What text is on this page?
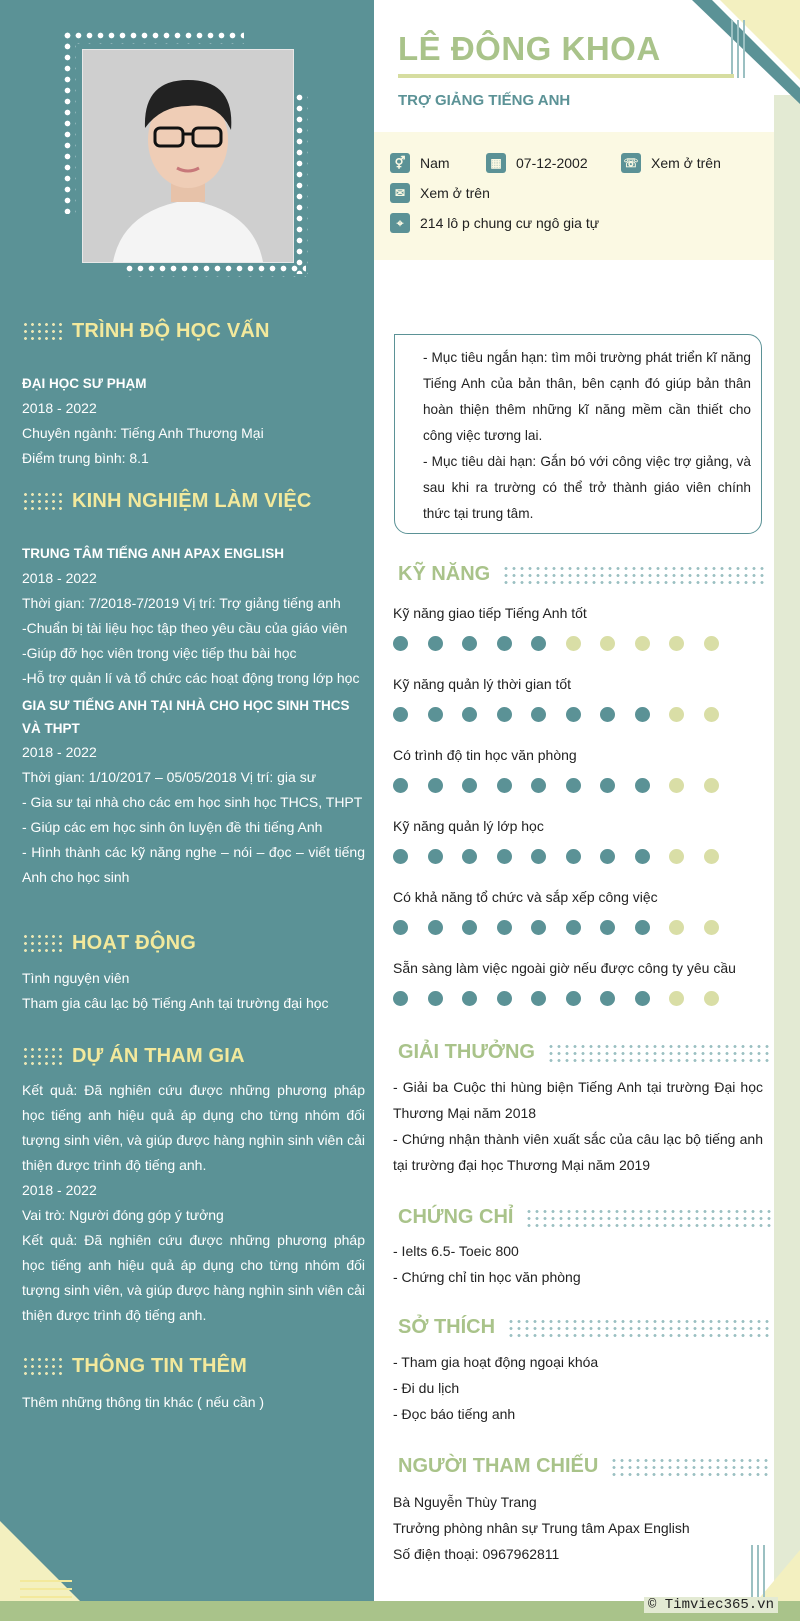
TRÌNH ĐỘ HỌC VẤN
ĐẠI HỌC SƯ PHẠM
2018 - 2022
Chuyên ngành: Tiếng Anh Thương Mại
Điểm trung bình: 8.1
KINH NGHIỆM LÀM VIỆC
TRUNG TÂM TIẾNG ANH APAX ENGLISH
2018 - 2022
Thời gian: 7/2018-7/2019 Vị trí: Trợ giảng tiếng anh
-Chuẩn bị tài liệu học tập theo yêu cầu của giáo viên
-Giúp đỡ học viên trong việc tiếp thu bài học
-Hỗ trợ quản lí và tổ chức các hoạt động trong lớp học
GIA SƯ TIẾNG ANH TẠI NHÀ CHO HỌC SINH THCS VÀ THPT
2018 - 2022
Thời gian: 1/10/2017 – 05/05/2018 Vị trí: gia sư
- Gia sư tại nhà cho các em học sinh học THCS, THPT
- Giúp các em học sinh ôn luyện đề thi tiếng Anh
- Hình thành các kỹ năng nghe – nói – đọc – viết tiếng Anh cho học sinh
HOẠT ĐỘNG
Tình nguyện viên
Tham gia câu lạc bộ Tiếng Anh tại trường đại học
DỰ ÁN THAM GIA
Kết quả: Đã nghiên cứu được những phương pháp học tiếng anh hiệu quả áp dụng cho từng nhóm đối tượng sinh viên, và giúp được hàng nghìn sinh viên cải thiện được trình độ tiếng anh.
2018 - 2022
Vai trò: Người đóng góp ý tưởng
Kết quả: Đã nghiên cứu được những phương pháp học tiếng anh hiệu quả áp dụng cho từng nhóm đối tượng sinh viên, và giúp được hàng nghìn sinh viên cải thiện được trình độ tiếng anh.
THÔNG TIN THÊM
Thêm những thông tin khác ( nếu cần )
LÊ ĐÔNG KHOA
TRỢ GIẢNG TIẾNG ANH
⚥	Nam	▦	07-12-2002	☏ Xem ở trên
✉	Xem ở trên
⌖	214 lô p chung cư ngô gia tự
- Mục tiêu ngắn hạn: tìm môi trường phát triển kĩ năng Tiếng Anh của bản thân, bên cạnh đó giúp bản thân hoàn thiện thêm những kĩ năng mềm cần thiết cho công việc tương lai.
- Mục tiêu dài hạn: Gắn bó với công việc trợ giảng, và sau khi ra trường có thể trở thành giáo viên chính thức tại trung tâm.
KỸ NĂNG
Kỹ năng giao tiếp Tiếng Anh tốt
Kỹ năng quản lý thời gian tốt
Có trình độ tin học văn phòng
Kỹ năng quản lý lớp học
Có khả năng tổ chức và sắp xếp công việc
Sẵn sàng làm việc ngoài giờ nếu được công ty yêu cầu
GIẢI THƯỞNG
- Giải ba Cuộc thi hùng biện Tiếng Anh tại trường Đại học Thương Mại năm 2018
- Chứng nhận thành viên xuất sắc của câu lạc bộ tiếng anh tại trường đại học Thương Mại năm 2019
CHỨNG CHỈ
- Ielts 6.5- Toeic 800
- Chứng chỉ tin học văn phòng
SỞ THÍCH
- Tham gia hoạt động ngoại khóa
- Đi du lịch
- Đọc báo tiếng anh
NGƯỜI THAM CHIẾU
Bà Nguyễn Thùy Trang
Trưởng phòng nhân sự Trung tâm Apax English
Số điện thoại: 0967962811
© Timviec365.vn
